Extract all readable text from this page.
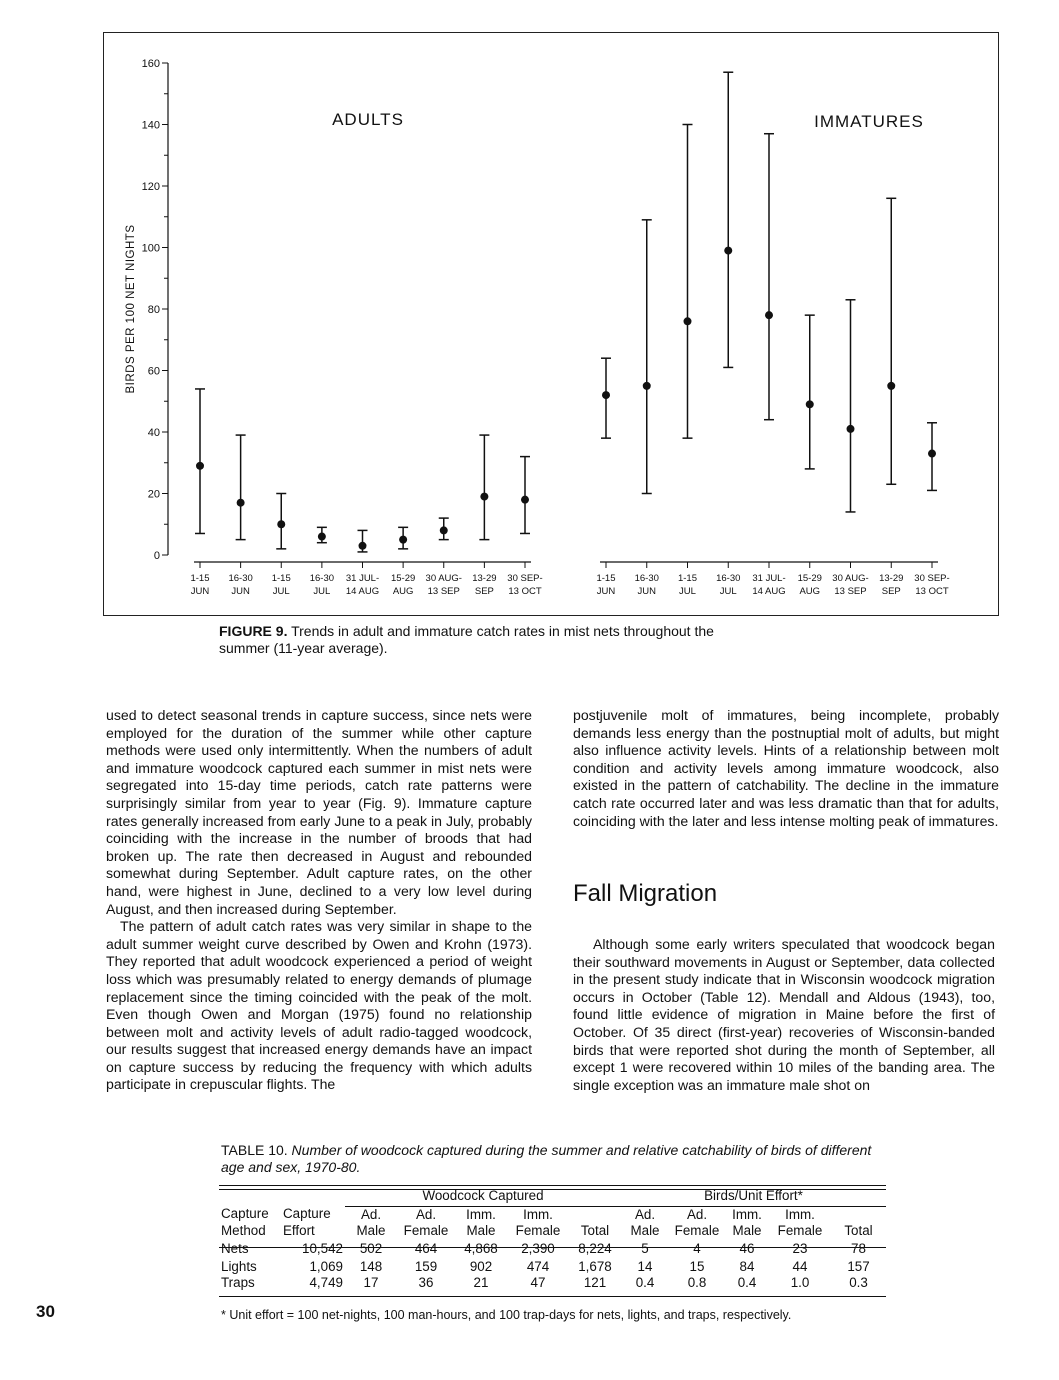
0
20
40
60
80
100
120
140
160
BIRDS PER 100 NET NIGHTS
ADULTS
1-15
JUN
16-30
JUN
1-15
JUL
16-30
JUL
31 JUL-
14 AUG
15-29
AUG
30 AUG-
13 SEP
13-29
SEP
30 SEP-
13 OCT
IMMATURES
1-15
JUN
16-30
JUN
1-15
JUL
16-30
JUL
31 JUL-
14 AUG
15-29
AUG
30 AUG-
13 SEP
13-29
SEP
30 SEP-
13 OCT
FIGURE 9. Trends in adult and immature catch rates in mist nets throughout the summer (11-year average).

used to detect seasonal trends in capture success, since nets were employed for the duration of the summer while other capture methods were used only intermittently. When the numbers of adult and immature woodcock captured each summer in mist nets were segregated into 15-day time periods, catch rate patterns were surprisingly similar from year to year (Fig. 9). Immature capture rates generally increased from early June to a peak in July, probably coinciding with the increase in the number of broods that had broken up. The rate then decreased in August and rebounded somewhat during September. Adult capture rates, on the other hand, were highest in June, declined to a very low level during August, and then increased during September.

The pattern of adult catch rates was very similar in shape to the adult summer weight curve described by Owen and Krohn (1973). They reported that adult woodcock experienced a period of weight loss which was presumably related to energy demands of plumage replacement since the timing coincided with the peak of the molt. Even though Owen and Morgan (1975) found no relationship between molt and activity levels of adult radio-tagged woodcock, our results suggest that increased energy demands have an impact on capture success by reducing the frequency with which adults participate in crepuscular flights. The

postjuvenile molt of immatures, being incomplete, probably demands less energy than the postnuptial molt of adults, but might also influence activity levels. Hints of a relationship between molt condition and activity levels among immature woodcock, also existed in the pattern of catchability. The decline in the immature catch rate occurred later and was less dramatic than that for adults, coinciding with the later and less intense molting peak of immatures.

Fall Migration

Although some early writers speculated that woodcock began their southward movements in August or September, data collected in the present study indicate that in Wisconsin woodcock migration occurs in October (Table 12). Mendall and Aldous (1943), too, found little evidence of migration in Maine before the first of October. Of 35 direct (first-year) recoveries of Wisconsin-banded birds that were reported shot during the month of September, all except 1 were recovered within 10 miles of the banding area. The single exception was an immature male shot on

TABLE 10. Number of woodcock captured during the summer and relative catchability of birds of different age and sex, 1970-80.
		Woodcock Captured					Birds/Unit Effort*				
Capture	Capture	Ad.	Ad.	Imm.	Imm.		Ad.	Ad.	Imm.	Imm.	
Method	Effort	Male	Female	Male	Female	Total	Male	Female	Male	Female	Total
Nets	10,542	502	464	4,868	2,390	8,224	5	4	46	23	78
Lights	1,069	148	159	902	474	1,678	14	15	84	44	157
Traps	4,749	17	36	21	47	121	0.4	0.8	0.4	1.0	0.3
* Unit effort = 100 net-nights, 100 man-hours, and 100 trap-days for nets, lights, and traps, respectively.
30
